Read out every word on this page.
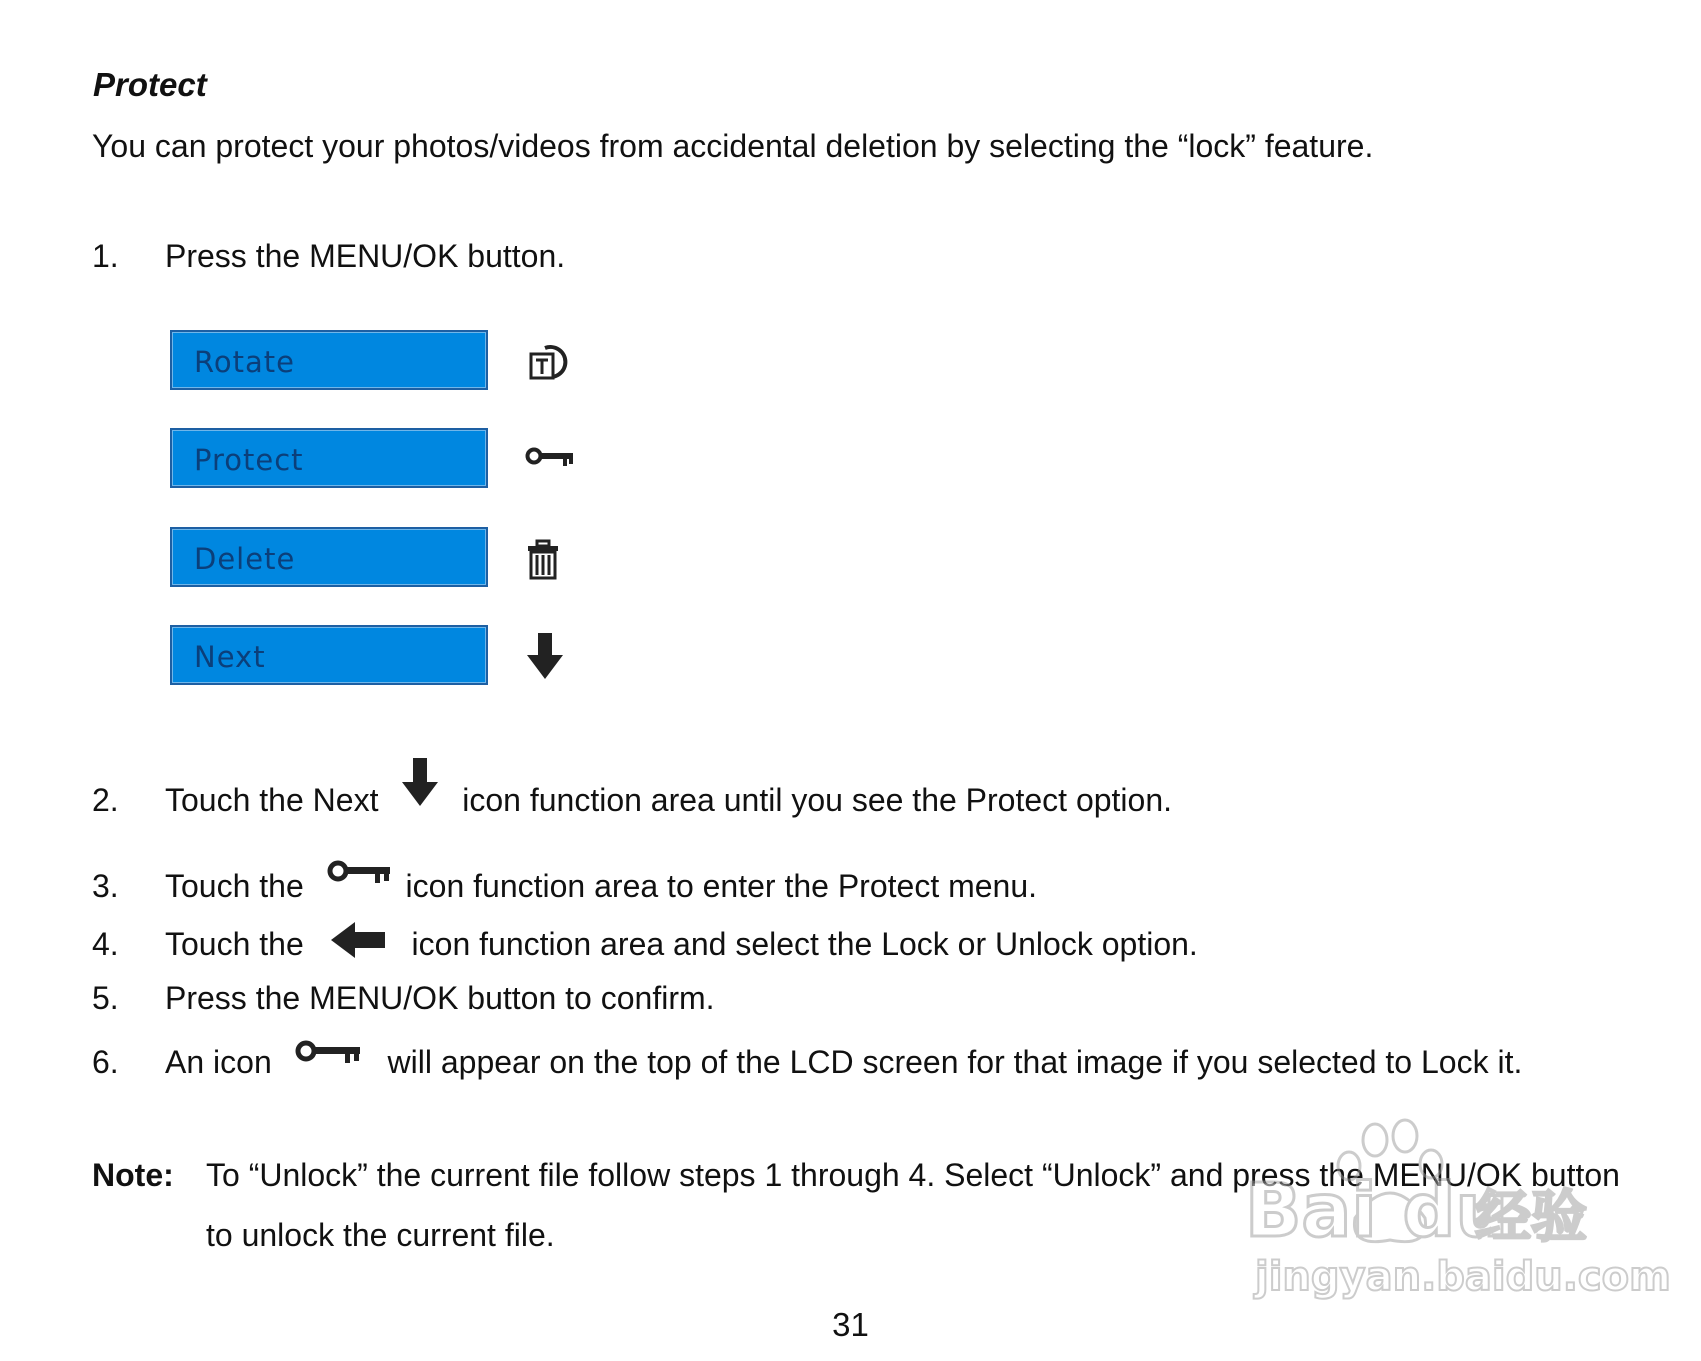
Protect
You can protect your photos/videos from accidental deletion by selecting the “lock” feature.
1. Press the MENU/OK button.
Rotate
Protect
Delete
Next
2. Touch the Next	icon function area until you see the Protect option.
3. Touch the	icon function area to enter the Protect menu.
4. Touch the	icon function area and select the Lock or Unlock option.
5. Press the MENU/OK button to confirm.
6. An icon	will appear on the top of the LCD screen for that image if you selected to Lock it.
Note: To “Unlock” the current file follow steps 1 through 4. Select “Unlock” and press the MENU/OK button
to unlock the current file.
31
Bai du
经验
jingyan.baidu.com
